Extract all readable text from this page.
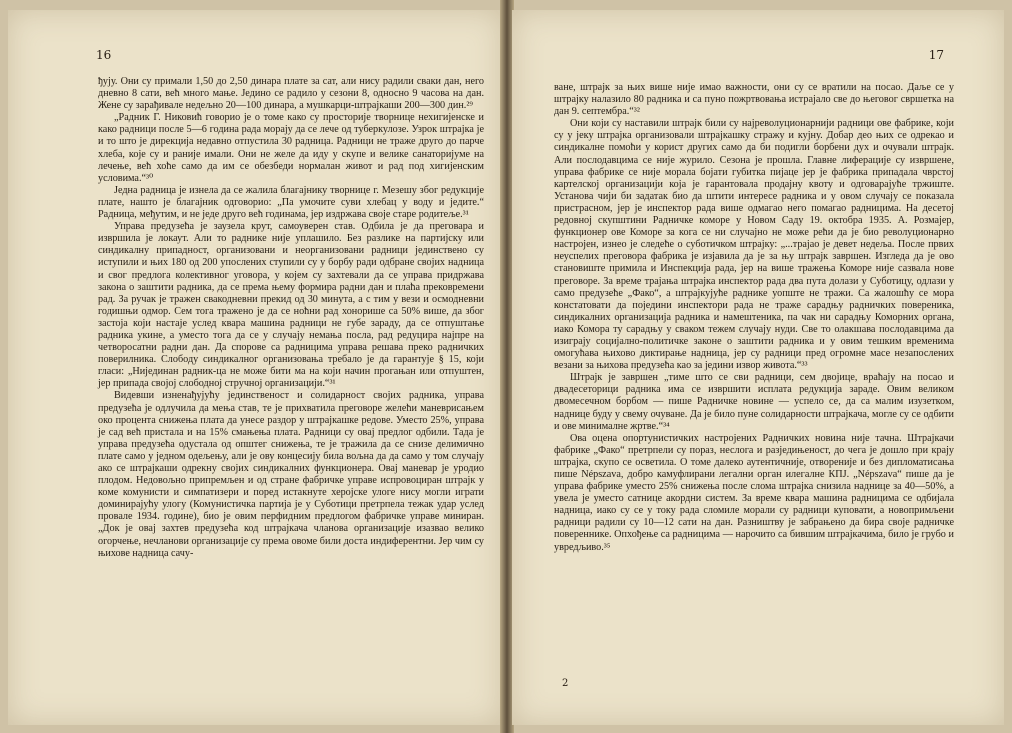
16

ђују. Они су примали 1,50 до 2,50 динара плате за сат, али нису радили сваки дан, него дневно 8 сати, већ много мање. Једино се радило у сезони 8, односно 9 часова на дан. Жене су зарађивале недељно 20—100 динара, а мушкарци-штрајкаши 200—300 дин.²⁹

„Радник Г. Никовић говорио је о томе како су просторије творнице нехигијенске и како радници после 5—6 година рада морају да се лече од туберкулозе. Узрок штрајка је и то што је дирекција недавно отпустила 30 радница. Радници не траже друго до парче хлеба, које су и раније имали. Они не желе да иду у скупе и велике санаторијуме на лечење, већ хоће само да им се обезбеди нормалан живот и рад под хигијенским условима.“³⁰

Једна радница је изнела да се жалила благајнику творнице г. Мезешу због редукције плате, нашто је благајник одговорио: „Па умочите суви хлебац у воду и једите.“ Радница, међутим, и не једе друго већ годинама, јер издржава своје старе родитеље.³¹

Управа предузећа је заузела крут, самоуверен став. Одбила је да преговара и извршила је локаут. Али то раднике није уплашило. Без разлике на партијску или синдикалну припадност, организовани и неорганизовани радници јединствено су иступили и њих 180 од 200 упослених ступили су у борбу ради одбране својих надница и свог предлога колективног уговора, у којем су захтевали да се управа придржава закона о заштити радника, да се према њему формира радни дан и плаћа прековремени рад. За ручак је тражен свакодневни прекид од 30 минута, а с тим у вези и осмодневни годишњи одмор. Сем тога тражено је да се ноћни рад хонорише са 50% више, да због застоја који настаје услед квара машина радници не губе зараду, да се отпуштање радника укине, а уместо тога да се у случају немања посла, рад редуцира најпре на четворосатни радни дан. Да спорове са радницима управа решава преко радничких поверилника. Слободу синдикалног организовања требало је да гарантује § 15, који гласи: „Нијединан радник-ца не може бити ма на који начин прогањан или отпуштен, јер припада својој слободној стручној организацији.“³¹

Видевши изненађујућу јединственост и солидарност својих радника, управа предузећа је одлучила да мења став, те је прихватила преговоре желећи маневрисањем око процента снижења плата да унесе раздор у штрајкашке редове. Уместо 25%, управа је сад већ пристала и на 15% смањења плата. Радници су овај предлог одбили. Тада је управа предузећа одустала од општег снижења, те је тражила да се снизе делимично плате само у једном одељењу, али је ову концесију била вољна да да само у том случају ако се штрајкаши одрекну својих синдикалних функционера. Овај маневар је уродио плодом. Недовољно припремљен и од стране фабричке управе испровоциран штрајк у коме комунисти и симпатизери и поред истакнуте херојске улоге нису могли играти доминирајућу улогу (Комунистичка партија је у Суботици претрпела тежак удар услед провале 1934. године), био је овим перфидним предлогом фабричке управе миниран. „Док је овај захтев предузећа код штрајкача чланова организације изазвао велико огорчење, нечланови организације су према овоме били доста индиферентни. Јер чим су њихове надница сачу-

17

ване, штрајк за њих више није имао важности, они су се вратили на посао. Даље се у штрајку налазило 80 радника и са пуно пожртвовања истрајало све до његовог свршетка на дан 9. септембра.“³²

Они који су наставили штрајк били су најреволуционарнији радници ове фабрике, који су у јеку штрајка организовали штрајкашку стражу и кујну. Добар део њих се одрекао и синдикалне помоћи у корист других само да би подигли борбени дух и очували штрајк. Али послодавцима се није журило. Сезона је прошла. Главне лиферације су извршене, управа фабрике се није морала бојати губитка пијаце јер је фабрика припадала чврстој картелској организацији која је гарантовала продајну квоту и одговарајуће тржиште. Установа чији би задатак био да штити интересе радника и у овом случају се показала пристрасном, јер је инспектор рада више одмагао него помагао радницима. На десетој редовној скупштини Радничке коморе у Новом Саду 19. октобра 1935. А. Розмајер, функционер ове Коморе за кога се ни случајно не може рећи да је био револуционарно настројен, изнео је следеће о суботичком штрајку: „...трајао је девет недеља. После првих неуспелих преговора фабрика је изјавила да је за њу штрајк завршен. Изгледа да је ово становиште примила и Инспекција рада, јер на више тражења Коморе није сазвала нове преговоре. За време трајања штрајка инспектор рада два пута долази у Суботицу, одлази у само предузеће „Фако“, а штрајкујуће раднике уопште не тражи. Са жалошћу се мора констатовати да поједини инспектори рада не траже сарадњу радничких повереника, синдикалних организација радника и намештеника, па чак ни сарадњу Коморних органа, иако Комора ту сарадњу у сваком тежем случају нуди. Све то олакшава послодавцима да изиграју социјално-политичке законе о заштити радника и у овим тешким временима омогућава њихово диктирање надница, јер су радници пред огромне масе незапослених везани за њихова предузећа као за једини извор живота.“³³

Штрајк је завршен „тиме што се сви радници, сем двојице, враћају на посао и двадесеторици радника има се извршити исплата редукција зараде. Овим великом двомесечном борбом — пише Радничке новине — успело се, да са малим изузетком, наднице буду у свему очуване. Да је било пуне солидарности штрајкача, могле су се одбити и ове минималне жртве.“³⁴

Ова оцена опортунистичких настројених Радничких новина није тачна. Штрајкачи фабрике „Фако“ претрпели су пораз, неслога и разједињеност, до чега је дошло при крају штрајка, скупо се осветила. О томе далеко аутентичније, отвореније и без дипломатисања пише Népszava, добро камуфлирани легални орган илегалне КПЈ. „Népszava“ пише да је управа фабрике уместо 25% снижења после слома штрајка снизила наднице за 40—50%, а увела је уместо сатнице акордни систем. За време квара машина радницима се одбијала надница, иако су се у току рада сломиле морали су радници куповати, а новопримљени радници радили су 10—12 сати на дан. Разништву је забрањено да бира своје радничке повереннике. Опхођење са радницима — нарочито са бившим штрајкачима, било је грубо и увредљиво.³⁵

2
